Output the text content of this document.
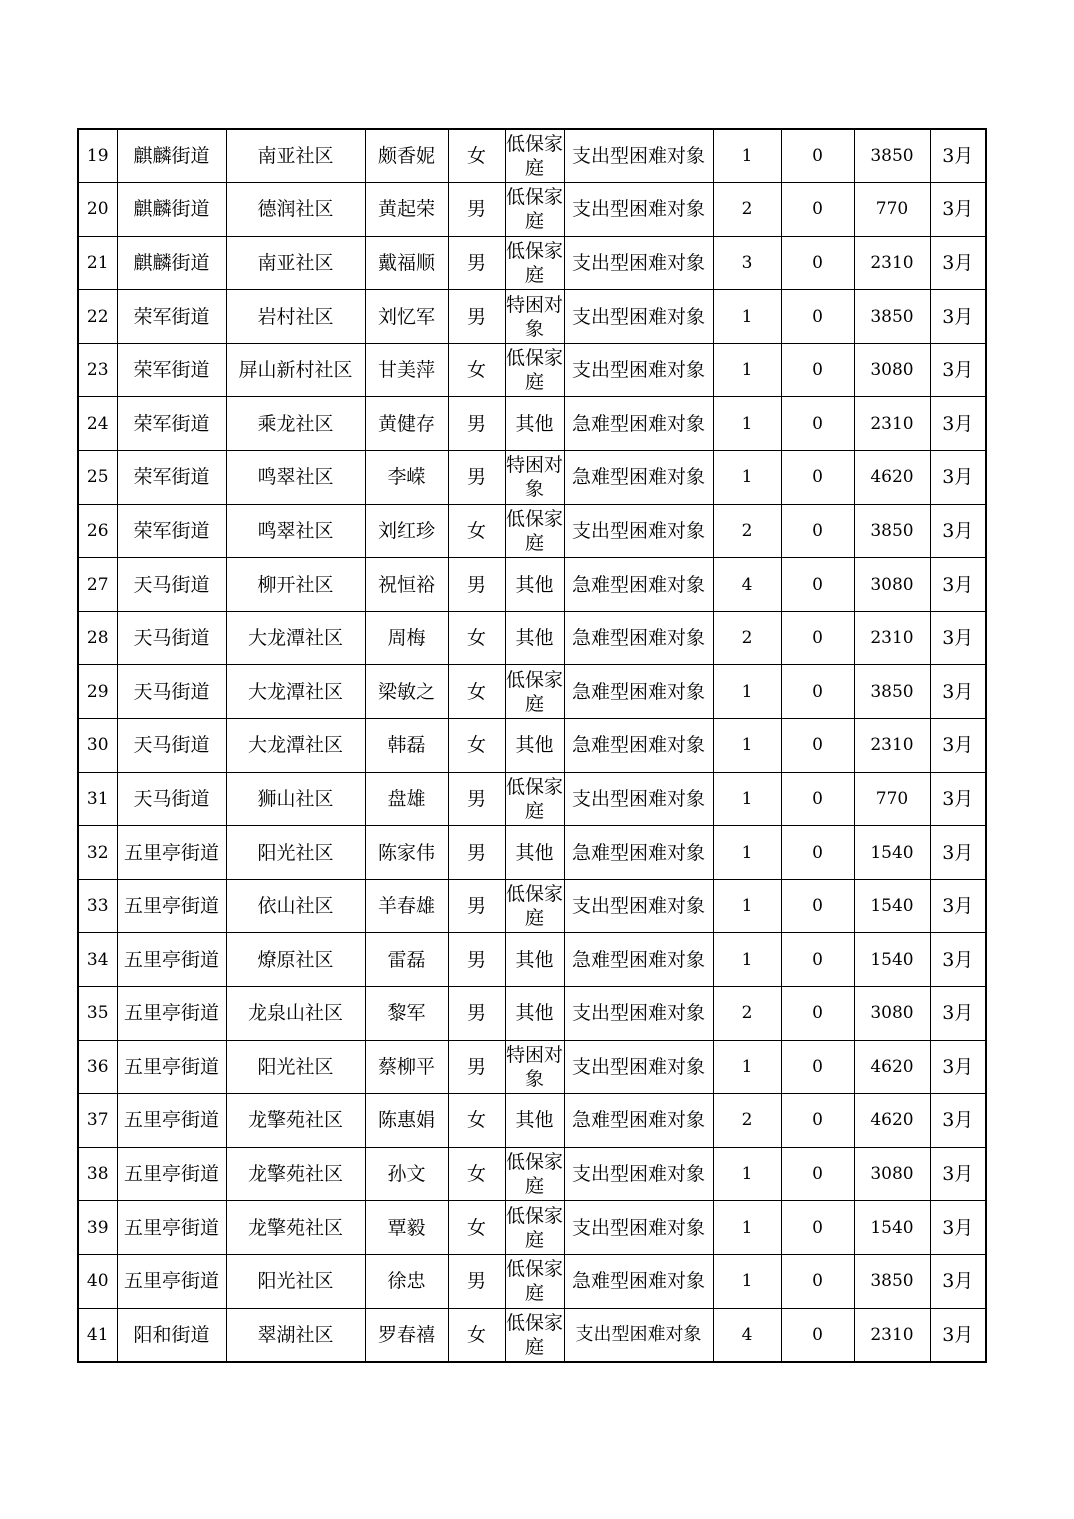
19	麒麟街道	南亚社区	颇香妮	女	低保家庭	支出型困难对象	1	0	3850	3月
20	麒麟街道	德润社区	黄起荣	男	低保家庭	支出型困难对象	2	0	770	3月
21	麒麟街道	南亚社区	戴福顺	男	低保家庭	支出型困难对象	3	0	2310	3月
22	荣军街道	岩村社区	刘忆军	男	特困对象	支出型困难对象	1	0	3850	3月
23	荣军街道	屏山新村社区	甘美萍	女	低保家庭	支出型困难对象	1	0	3080	3月
24	荣军街道	乘龙社区	黄健存	男	其他	急难型困难对象	1	0	2310	3月
25	荣军街道	鸣翠社区	李嵘	男	特困对象	急难型困难对象	1	0	4620	3月
26	荣军街道	鸣翠社区	刘红珍	女	低保家庭	支出型困难对象	2	0	3850	3月
27	天马街道	柳开社区	祝恒裕	男	其他	急难型困难对象	4	0	3080	3月
28	天马街道	大龙潭社区	周梅	女	其他	急难型困难对象	2	0	2310	3月
29	天马街道	大龙潭社区	梁敏之	女	低保家庭	急难型困难对象	1	0	3850	3月
30	天马街道	大龙潭社区	韩磊	女	其他	急难型困难对象	1	0	2310	3月
31	天马街道	狮山社区	盘雄	男	低保家庭	支出型困难对象	1	0	770	3月
32	五里亭街道	阳光社区	陈家伟	男	其他	急难型困难对象	1	0	1540	3月
33	五里亭街道	依山社区	羊春雄	男	低保家庭	支出型困难对象	1	0	1540	3月
34	五里亭街道	燎原社区	雷磊	男	其他	急难型困难对象	1	0	1540	3月
35	五里亭街道	龙泉山社区	黎军	男	其他	支出型困难对象	2	0	3080	3月
36	五里亭街道	阳光社区	蔡柳平	男	特困对象	支出型困难对象	1	0	4620	3月
37	五里亭街道	龙擎苑社区	陈惠娟	女	其他	急难型困难对象	2	0	4620	3月
38	五里亭街道	龙擎苑社区	孙文	女	低保家庭	支出型困难对象	1	0	3080	3月
39	五里亭街道	龙擎苑社区	覃毅	女	低保家庭	支出型困难对象	1	0	1540	3月
40	五里亭街道	阳光社区	徐忠	男	低保家庭	急难型困难对象	1	0	3850	3月
41	阳和街道	翠湖社区	罗春禧	女	低保家庭	支出型困难对象	4	0	2310	3月
